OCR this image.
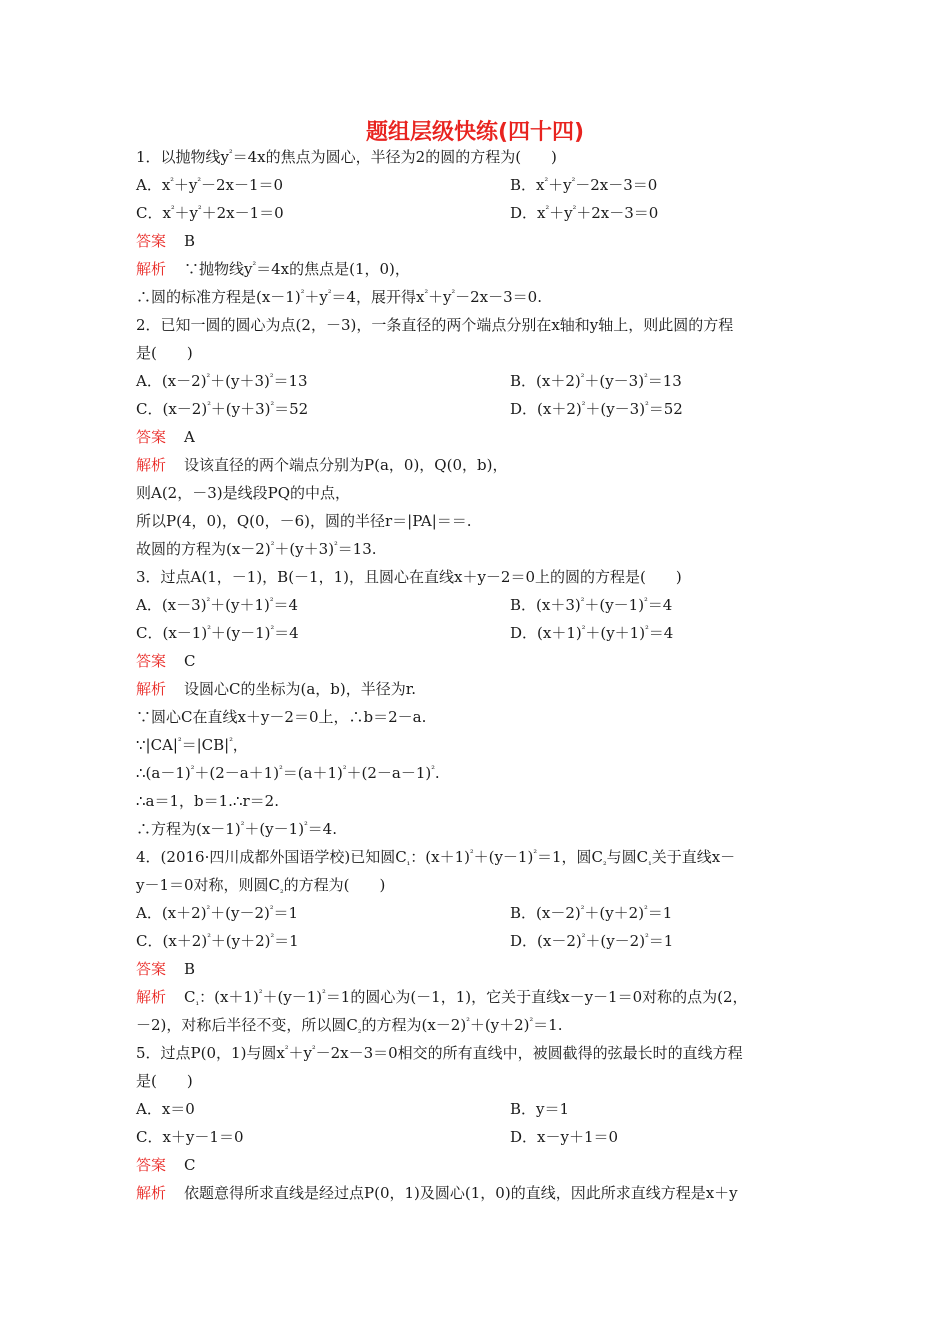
题组层级快练(四十四)
1．以抛物线$y^{^2}=4x$的焦点为圆心，半径为2的圆的方程为(　　)
A．$x^{^2}+y^{^2}-2x-1=0$	B．$x^{^2}+y^{^2}-2x-3=0$
C．$x^{^2}+y^{^2}+2x-1=0$	D．$x^{^2}+y^{^2}+2x-3=0$
答案 B
解析 ∵抛物线$y^{^2}=4x$的焦点是(1，0)，
∴圆的标准方程是$(x-1)^{^2}+y^{^2}=4$，展开得$x^{^2}+y^{^2}-2x-3=0$.
2．已知一圆的圆心为点(2，－3)，一条直径的两个端点分别在x轴和y轴上，则此圆的方程
是(　　)
A．$(x-2)^{^2}+(y+3)^{^2}=13$	B．$(x+2)^{^2}+(y-3)^{^2}=13$
C．$(x-2)^{^2}+(y+3)^{^2}=52$	D．$(x+2)^{^2}+(y-3)^{^2}=52$
答案 A
解析 设该直径的两个端点分别为P(a，0)，Q(0，b)，
则A(2，－3)是线段PQ的中点，
所以P(4，0)，Q(0，－6)，圆的半径r＝|PA|＝＝.
故圆的方程为$(x-2)^{^2}+(y+3)^{^2}=13$.
3．过点A(1，－1)，B(－1，1)，且圆心在直线x＋y－2＝0上的圆的方程是(　　)
A．$(x-3)^{^2}+(y+1)^{^2}=4$	B．$(x+3)^{^2}+(y-1)^{^2}=4$
C．$(x-1)^{^2}+(y-1)^{^2}=4$	D．$(x+1)^{^2}+(y+1)^{^2}=4$
答案 C
解析 设圆心C的坐标为(a，b)，半径为r.
∵圆心C在直线x＋y－2＝0上，∴b＝2－a.
$\because|CA|^{^2}=|CB|^{^2}$，
$\therefore(a-1)^{^2}+(2-a+1)^{^2}=(a+1)^{^2}+(2-a-1)^{^2}$.
∴a＝1，b＝1.∴r＝2.
∴方程为$(x-1)^{^2}+(y-1)^{^2}=4$.
4．(2016·四川成都外国语学校)已知圆$C_{_1}$：$(x+1)^{^2}+(y-1)^{^2}=1$，圆$C_{_2}$与圆$C_{_1}$关于直线x－
y－1＝0对称，则圆$C_{_2}$的方程为(　　)
A．$(x+2)^{^2}+(y-2)^{^2}=1$	B．$(x-2)^{^2}+(y+2)^{^2}=1$
C．$(x+2)^{^2}+(y+2)^{^2}=1$	D．$(x-2)^{^2}+(y-2)^{^2}=1$
答案 B
解析 $C_{_1}$：$(x+1)^{^2}+(y-1)^{^2}=1$的圆心为(－1，1)，它关于直线x－y－1＝0对称的点为(2，
－2)，对称后半径不变，所以圆$C_{_2}$的方程为$(x-2)^{^2}+(y+2)^{^2}=1$.
5．过点P(0，1)与圆$x^{^2}+y^{^2}-2x-3=0$相交的所有直线中，被圆截得的弦最长时的直线方程
是(　　)
A．x＝0	B．y＝1
C．x＋y－1＝0	D．x－y＋1＝0
答案 C
解析 依题意得所求直线是经过点P(0，1)及圆心(1，0)的直线，因此所求直线方程是x＋y
